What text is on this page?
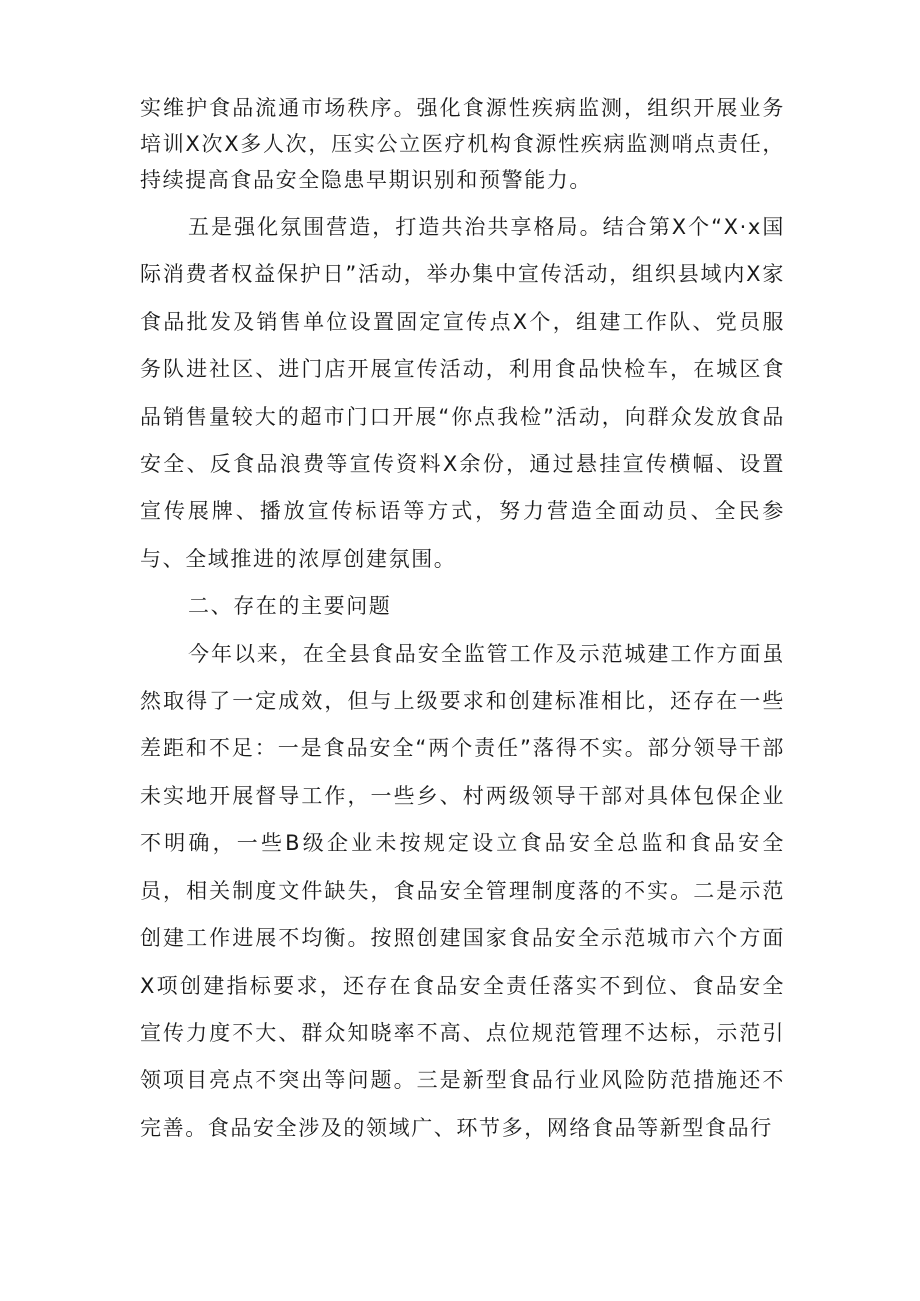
实维护食品流通市场秩序。强化食源性疾病监测，组织开展业务培训X次X多人次，压实公立医疗机构食源性疾病监测哨点责任，持续提高食品安全隐患早期识别和预警能力。

五是强化氛围营造，打造共治共享格局。结合第X个“X·x国际消费者权益保护日”活动，举办集中宣传活动，组织县域内X家食品批发及销售单位设置固定宣传点X个，组建工作队、党员服务队进社区、进门店开展宣传活动，利用食品快检车，在城区食品销售量较大的超市门口开展“你点我检”活动，向群众发放食品安全、反食品浪费等宣传资料X余份，通过悬挂宣传横幅、设置宣传展牌、播放宣传标语等方式，努力营造全面动员、全民参与、全域推进的浓厚创建氛围。

二、存在的主要问题

今年以来，在全县食品安全监管工作及示范城建工作方面虽然取得了一定成效，但与上级要求和创建标准相比，还存在一些差距和不足：一是食品安全“两个责任”落得不实。部分领导干部未实地开展督导工作，一些乡、村两级领导干部对具体包保企业不明确，一些B级企业未按规定设立食品安全总监和食品安全员，相关制度文件缺失，食品安全管理制度落的不实。二是示范创建工作进展不均衡。按照创建国家食品安全示范城市六个方面X项创建指标要求，还存在食品安全责任落实不到位、食品安全宣传力度不大、群众知晓率不高、点位规范管理不达标，示范引领项目亮点不突出等问题。三是新型食品行业风险防范措施还不完善。食品安全涉及的领域广、环节多，网络食品等新型食品行
